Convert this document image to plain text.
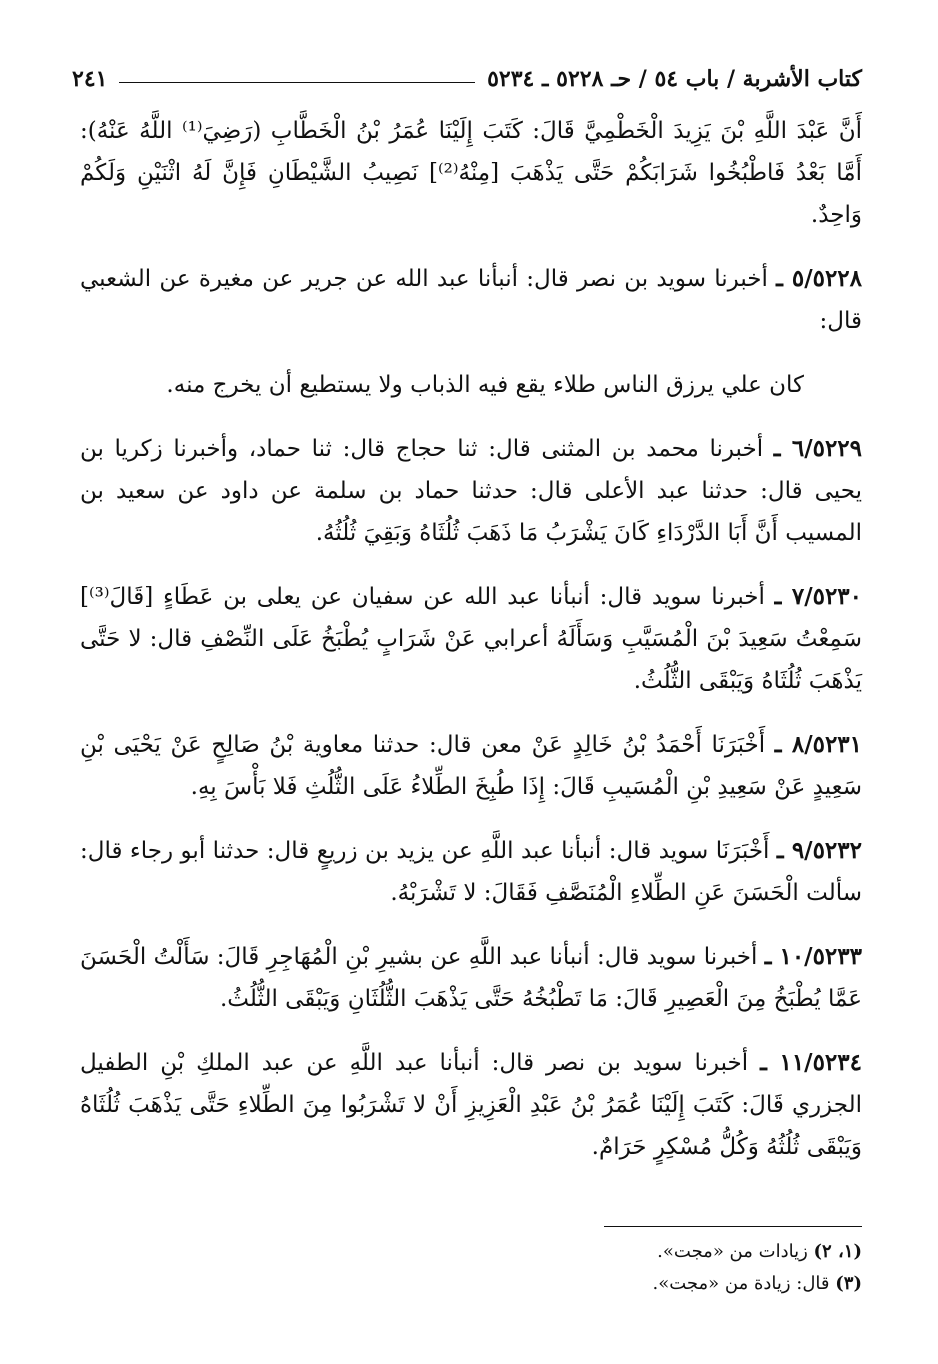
كتاب الأشربة / باب ٥٤ / حـ ٥٢٢٨ ـ ٥٢٣٤
٢٤١

أَنَّ عَبْدَ اللَّهِ بْنَ يَزِيدَ الْخَطْمِيَّ قَالَ: كَتَبَ إِلَيْنَا عُمَرُ بْنُ الْخَطَّابِ (رَضِيَ⁽¹⁾ اللَّهُ عَنْهُ): أَمَّا بَعْدُ فَاطْبُخُوا شَرَابَكُمْ حَتَّى يَذْهَبَ [مِنْهُ⁽²⁾] نَصِيبُ الشَّيْطَانِ فَإِنَّ لَهُ اثْنَيْنِ وَلَكُمْ وَاحِدٌ.

٥/٥٢٢٨ ـ أخبرنا سويد بن نصر قال: أنبأنا عبد الله عن جرير عن مغيرة عن الشعبي قال:

كان علي يرزق الناس طلاء يقع فيه الذباب ولا يستطيع أن يخرج منه.

٦/٥٢٢٩ ـ أخبرنا محمد بن المثنى قال: ثنا حجاج قال: ثنا حماد، وأخبرنا زكريا بن يحيى قال: حدثنا عبد الأعلى قال: حدثنا حماد بن سلمة عن داود عن سعيد بن المسيب أَنَّ أَبَا الدَّرْدَاءِ كَانَ يَشْرَبُ مَا ذَهَبَ ثُلُثَاهُ وَبَقِيَ ثُلُثُهُ.

٧/٥٢٣٠ ـ أخبرنا سويد قال: أنبأنا عبد الله عن سفيان عن يعلى بن عَطَاءٍ [قَالَ⁽³⁾] سَمِعْتُ سَعِيدَ بْنَ الْمُسَيَّبِ وَسَأَلَهُ أعرابي عَنْ شَرَابٍ يُطْبَخُ عَلَى النِّصْفِ قال: لا حَتَّى يَذْهَبَ ثُلُثَاهُ وَيَبْقَى الثُّلُثُ.

٨/٥٢٣١ ـ أَخْبَرَنَا أَحْمَدُ بْنُ خَالِدٍ عَنْ معن قال: حدثنا معاوية بْنُ صَالِحٍ عَنْ يَحْيَى بْنِ سَعِيدٍ عَنْ سَعِيدِ بْنِ الْمُسَيبِ قَالَ: إِذَا طُبِخَ الطِّلاءُ عَلَى الثُّلُثِ فَلا بَأْسَ بِهِ.

٩/٥٢٣٢ ـ أَخْبَرَنَا سويد قال: أنبأنا عبد اللَّهِ عن يزيد بن زريعٍ قال: حدثنا أبو رجاء قال: سألت الْحَسَنَ عَنِ الطِّلاءِ الْمُنَصَّفِ فَقَالَ: لا تَشْرَبْهُ.

١٠/٥٢٣٣ ـ أخبرنا سويد قال: أنبأنا عبد اللَّهِ عن بشيرِ بْنِ الْمُهَاجِرِ قَالَ: سَأَلْتُ الْحَسَنَ عَمَّا يُطْبَخُ مِنَ الْعَصِيرِ قَالَ: مَا تَطْبُخُهُ حَتَّى يَذْهَبَ الثُّلُثَانِ وَيَبْقَى الثُّلُثُ.

١١/٥٢٣٤ ـ أخبرنا سويد بن نصر قال: أنبأنا عبد اللَّهِ عن عبد الملكِ بْنِ الطفيل الجزري قَالَ: كَتَبَ إِلَيْنَا عُمَرُ بْنُ عَبْدِ الْعَزِيزِ أَنْ لا تَشْرَبُوا مِنَ الطِّلاءِ حَتَّى يَذْهَبَ ثُلُثَاهُ وَيَبْقَى ثُلُثُهُ وَكُلُّ مُسْكِرٍ حَرَامٌ.

(١، ٢) زيادات من «مجت».

(٣) قال: زيادة من «مجت».
